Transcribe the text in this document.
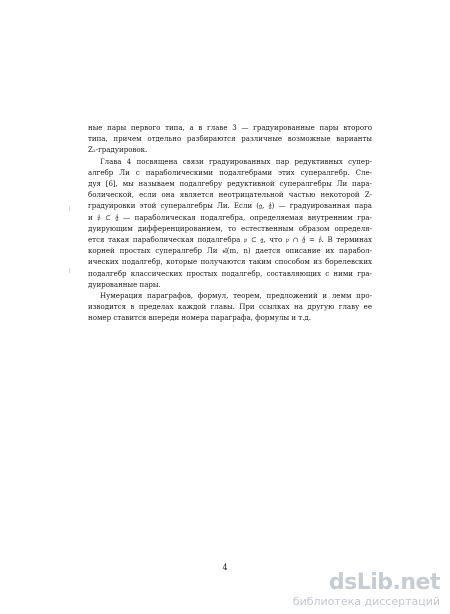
ные пары первого типа, а в главе 3 — градуированные пары второго
типа, причем отдельно разбираются различные возможные варианты
Z₂-градуировок.

Глава 4 посвящена связи градуированных пар редуктивных супер-
алгебр Ли с параболическими подалгебрами этих супералгебр. Сле-
дуя [6], мы называем подалгебру редуктивной супералгебры Ли пара-
болической, если она является неотрицательной частью некоторой Z-
градуировки этой супералгебры Ли. Если (𝔤, 𝔤̊) — градуированная пара
и 𝔭̊ ⊂ 𝔤̊ — параболическая подалгебра, определяемая внутренним гра-
дуирующим дифференцированием, то естественным образом определя-
ется такая параболическая подалгебра 𝔭 ⊂ 𝔤, что 𝔭 ∩ 𝔤̊ = 𝔭̊. В терминах
корней простых супералгебр Ли 𝔰𝔩(m, n) дается описание их парабол-
ических подалгебр, которые получаются таким способом из борелевских
подалгебр классических простых подалгебр, составляющих с ними гра-
дуированные пары.

Нумерация параграфов, формул, теорем, предложений и лемм про-
изводится в пределах каждой главы. При ссылках на другую главу ее
номер ставится впереди номера параграфа, формулы и т.д.

|
|
4
dsLib.net
библиотека диссертаций
